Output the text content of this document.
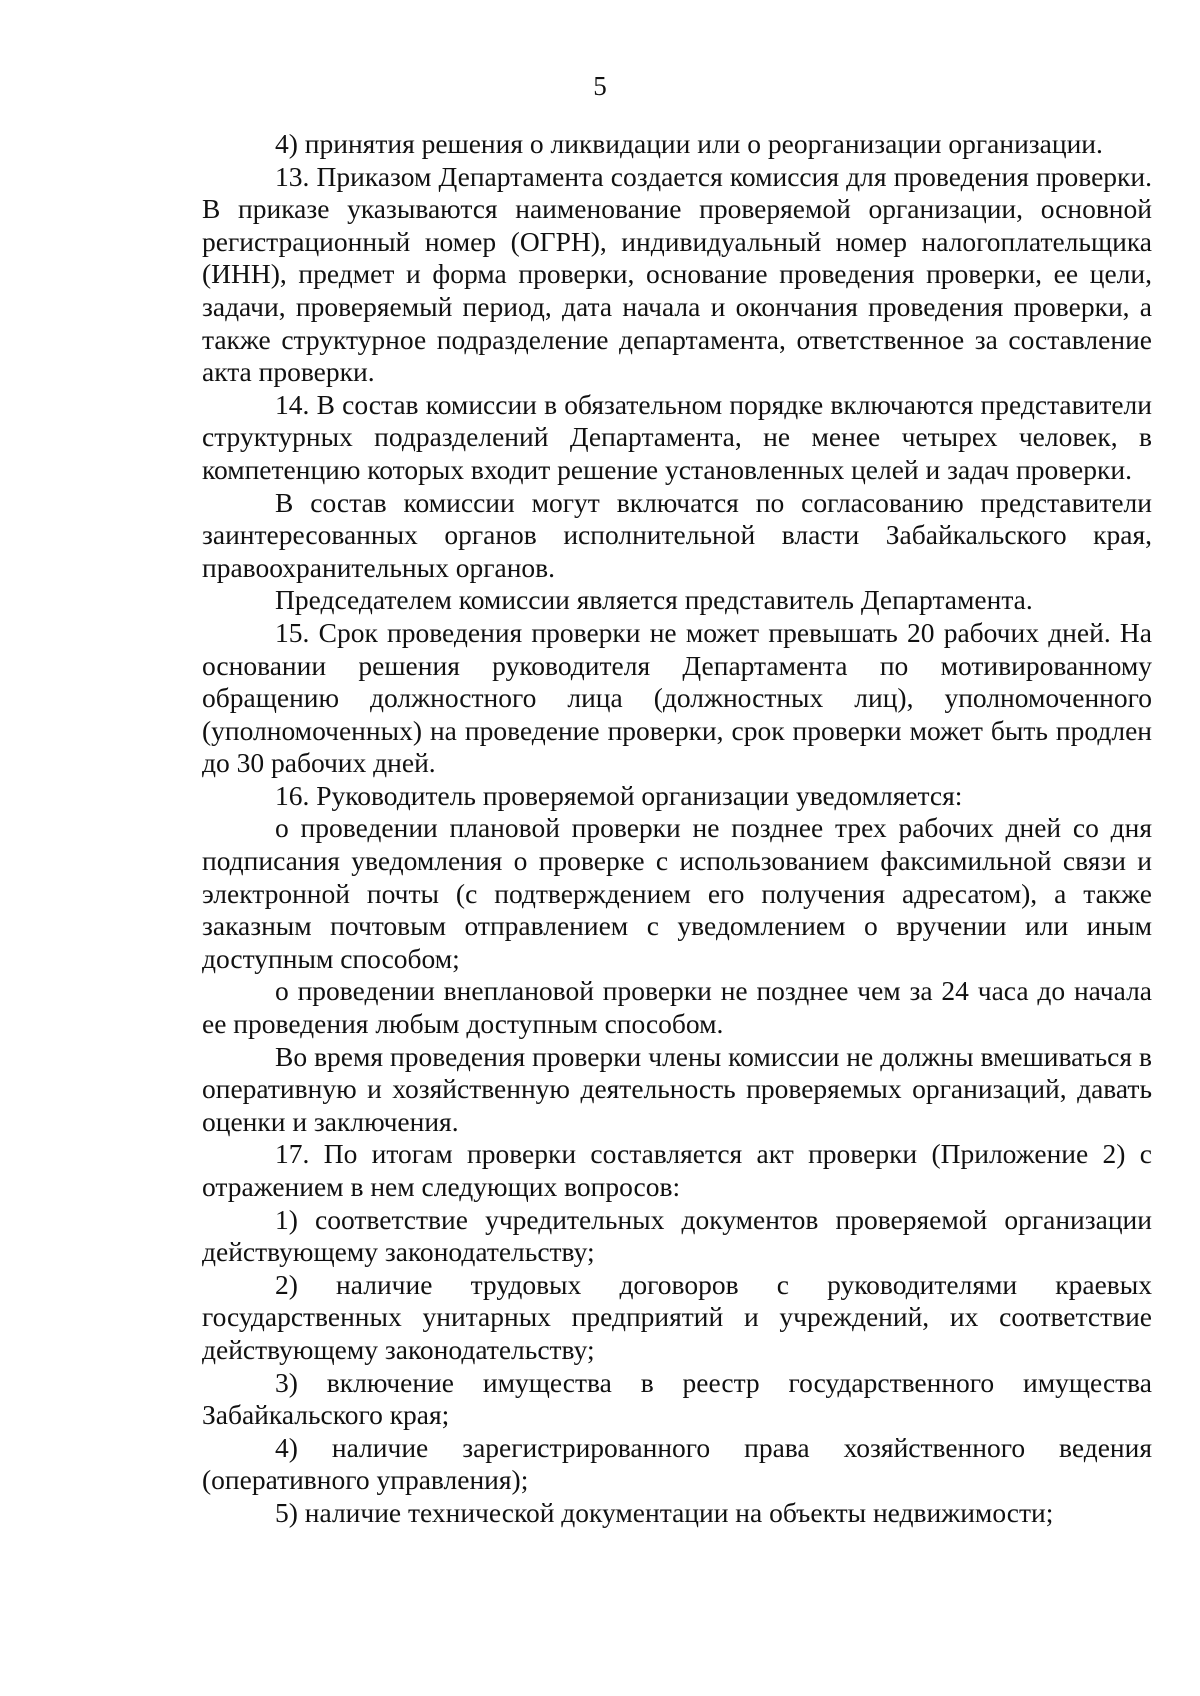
5

4) принятия решения о ликвидации или о реорганизации организации.

13. Приказом Департамента создается комиссия для проведения проверки. В приказе указываются наименование проверяемой организации, основной регистрационный номер (ОГРН), индивидуальный номер налогоплательщика (ИНН), предмет и форма проверки, основание проведения проверки, ее цели, задачи, проверяемый период, дата начала и окончания проведения проверки, а также структурное подразделение департамента, ответственное за составление акта проверки.

14. В состав комиссии в обязательном порядке включаются представители структурных подразделений Департамента, не менее четырех человек, в компетенцию которых входит решение установленных целей и задач проверки.

В состав комиссии могут включатся по согласованию представители заинтересованных органов исполнительной власти Забайкальского края, правоохранительных органов.

Председателем комиссии является представитель Департамента.

15. Срок проведения проверки не может превышать 20 рабочих дней. На основании решения руководителя Департамента по мотивированному обращению должностного лица (должностных лиц), уполномоченного (уполномоченных) на проведение проверки, срок проверки может быть продлен до 30 рабочих дней.

16. Руководитель проверяемой организации уведомляется:

о проведении плановой проверки не позднее трех рабочих дней со дня подписания уведомления о проверке с использованием факсимильной связи и электронной почты (с подтверждением его получения адресатом), а также заказным почтовым отправлением с уведомлением о вручении или иным доступным способом;

о проведении внеплановой проверки не позднее чем за 24 часа до начала ее проведения любым доступным способом.

Во время проведения проверки члены комиссии не должны вмешиваться в оперативную и хозяйственную деятельность проверяемых организаций, давать оценки и заключения.

17. По итогам проверки составляется акт проверки (Приложение 2) с отражением в нем следующих вопросов:

1) соответствие учредительных документов проверяемой организации действующему законодательству;

2) наличие трудовых договоров с руководителями краевых государственных унитарных предприятий и учреждений, их соответствие действующему законодательству;

3) включение имущества в реестр государственного имущества Забайкальского края;

4) наличие зарегистрированного права хозяйственного ведения (оперативного управления);

5) наличие технической документации на объекты недвижимости;
